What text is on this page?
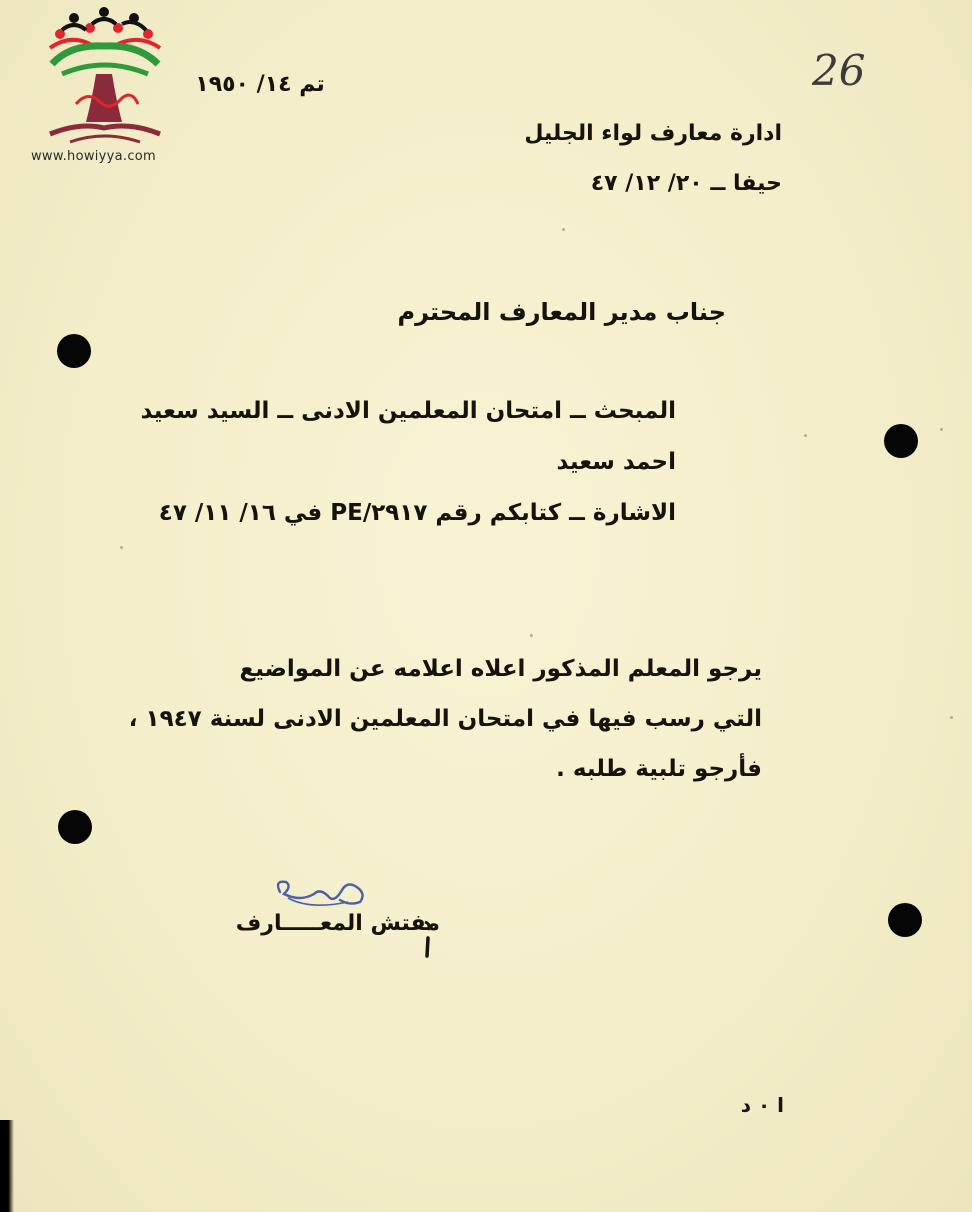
www.howiyya.com
تم ١٤/ ١٩٥٠	26
ادارة معارف لواء الجليل
حيفا ــ ٢٠/ ١٢/ ٤٧
جناب مدير المعارف المحترم
المبحث ــ امتحان المعلمين الادنى ــ السيد سعيد
احمد سعيد
الاشارة ــ كتابكم رقم ٢٩١٧/PE في ١٦/ ١١/ ٤٧
يرجو المعلم المذكور اعلاه اعلامه عن المواضيع
التي رسب فيها في امتحان المعلمين الادنى لسنة ١٩٤٧ ،
فأرجو تلبية طلبه .
مفتش المعـــــارف
ا ٠ د
